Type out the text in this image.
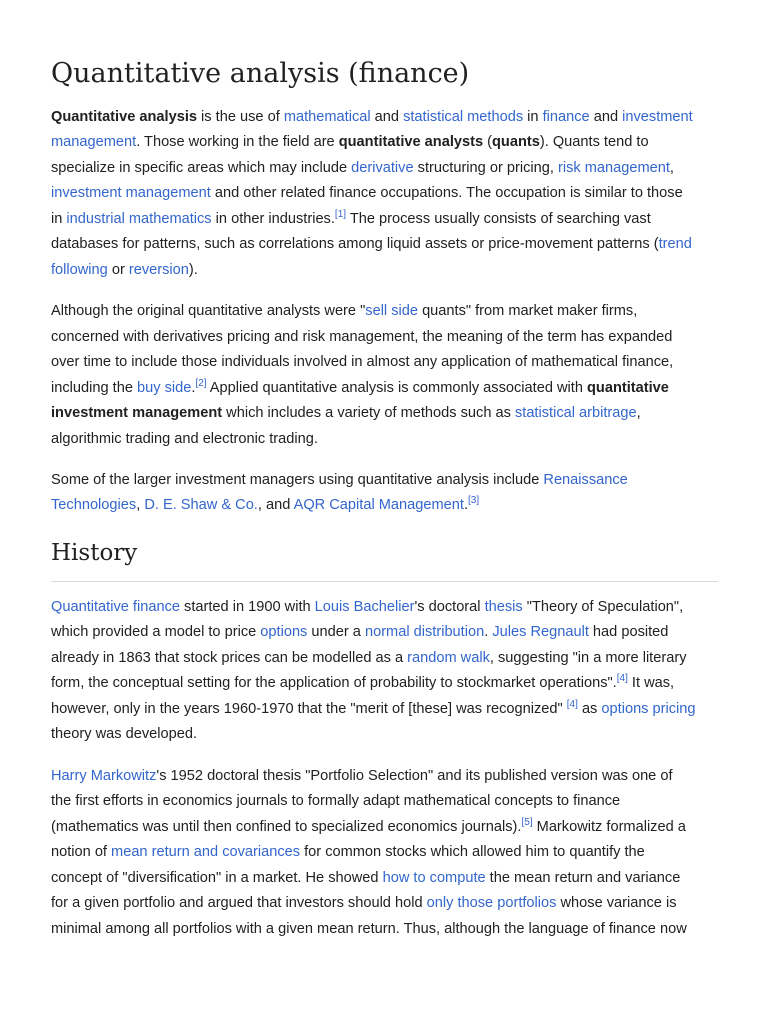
Quantitative analysis (finance)
Quantitative analysis is the use of mathematical and statistical methods in finance and investment
management. Those working in the field are quantitative analysts (quants). Quants tend to
specialize in specific areas which may include derivative structuring or pricing, risk management,
investment management and other related finance occupations. The occupation is similar to those
in industrial mathematics in other industries.[1] The process usually consists of searching vast
databases for patterns, such as correlations among liquid assets or price-movement patterns (trend
following or reversion).
Although the original quantitative analysts were "sell side quants" from market maker firms,
concerned with derivatives pricing and risk management, the meaning of the term has expanded
over time to include those individuals involved in almost any application of mathematical finance,
including the buy side.[2] Applied quantitative analysis is commonly associated with quantitative
investment management which includes a variety of methods such as statistical arbitrage,
algorithmic trading and electronic trading.
Some of the larger investment managers using quantitative analysis include Renaissance
Technologies, D. E. Shaw & Co., and AQR Capital Management.[3]
History
Quantitative finance started in 1900 with Louis Bachelier's doctoral thesis "Theory of Speculation",
which provided a model to price options under a normal distribution. Jules Regnault had posited
already in 1863 that stock prices can be modelled as a random walk, suggesting "in a more literary
form, the conceptual setting for the application of probability to stockmarket operations".[4] It was,
however, only in the years 1960-1970 that the "merit of [these] was recognized" [4] as options pricing
theory was developed.
Harry Markowitz's 1952 doctoral thesis "Portfolio Selection" and its published version was one of
the first efforts in economics journals to formally adapt mathematical concepts to finance
(mathematics was until then confined to specialized economics journals).[5] Markowitz formalized a
notion of mean return and covariances for common stocks which allowed him to quantify the
concept of "diversification" in a market. He showed how to compute the mean return and variance
for a given portfolio and argued that investors should hold only those portfolios whose variance is
minimal among all portfolios with a given mean return. Thus, although the language of finance now
